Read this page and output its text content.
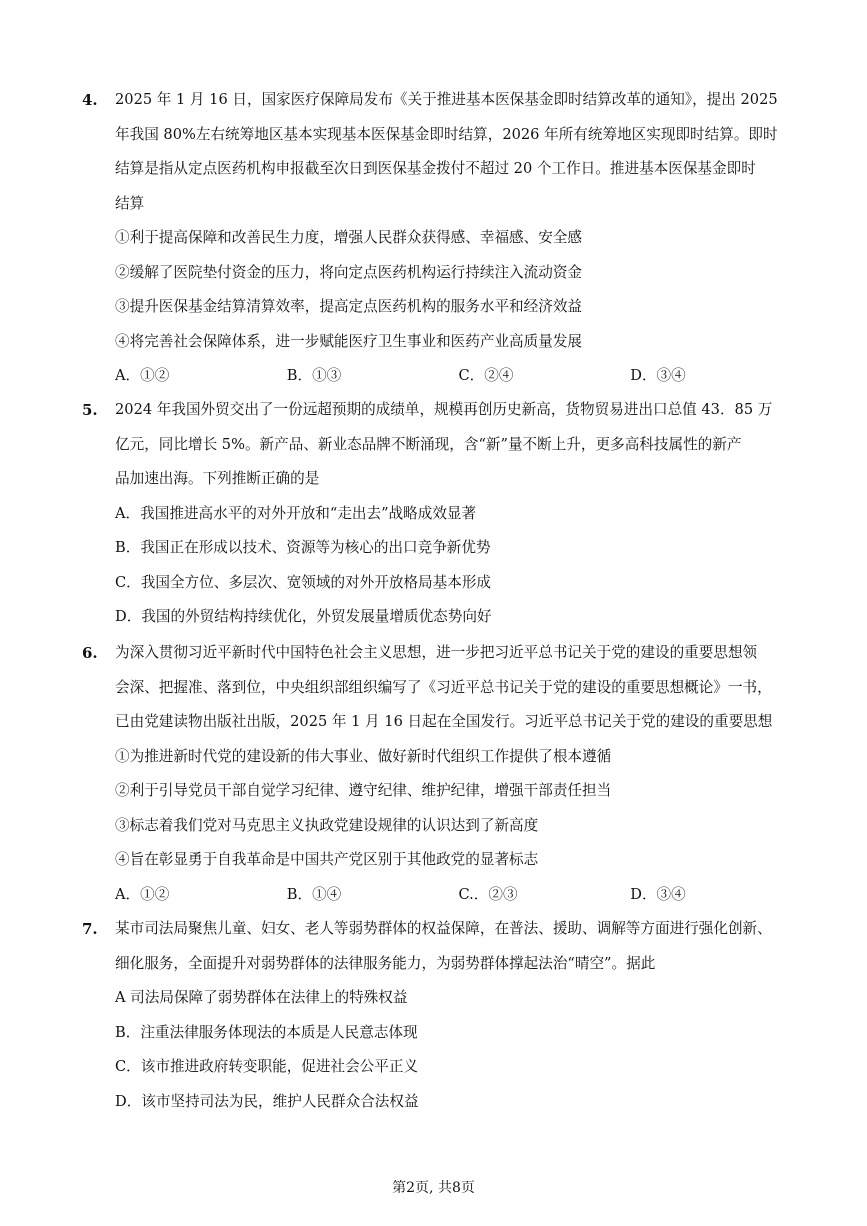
4. 2025 年 1 月 16 日，国家医疗保障局发布《关于推进基本医保基金即时结算改革的通知》，提出 2025
年我国 80%左右统筹地区基本实现基本医保基金即时结算，2026 年所有统筹地区实现即时结算。即时
结算是指从定点医药机构申报截至次日到医保基金拨付不超过 20 个工作日。推进基本医保基金即时
结算
①利于提高保障和改善民生力度，增强人民群众获得感、幸福感、安全感
②缓解了医院垫付资金的压力，将向定点医药机构运行持续注入流动资金
③提升医保基金结算清算效率，提高定点医药机构的服务水平和经济效益
④将完善社会保障体系，进一步赋能医疗卫生事业和医药产业高质量发展
A．①②	B．①③	C．②④	D．③④
5. 2024 年我国外贸交出了一份远超预期的成绩单，规模再创历史新高，货物贸易进出口总值 43．85 万
亿元，同比增长 5%。新产品、新业态品牌不断涌现，含“新”量不断上升，更多高科技属性的新产
品加速出海。下列推断正确的是
A．我国推进高水平的对外开放和“走出去”战略成效显著
B．我国正在形成以技术、资源等为核心的出口竞争新优势
C．我国全方位、多层次、宽领域的对外开放格局基本形成
D．我国的外贸结构持续优化，外贸发展量增质优态势向好
6. 为深入贯彻习近平新时代中国特色社会主义思想，进一步把习近平总书记关于党的建设的重要思想领
会深、把握准、落到位，中央组织部组织编写了《习近平总书记关于党的建设的重要思想概论》一书，
已由党建读物出版社出版，2025 年 1 月 16 日起在全国发行。习近平总书记关于党的建设的重要思想
①为推进新时代党的建设新的伟大事业、做好新时代组织工作提供了根本遵循
②利于引导党员干部自觉学习纪律、遵守纪律、维护纪律，增强干部责任担当
③标志着我们党对马克思主义执政党建设规律的认识达到了新高度
④旨在彰显勇于自我革命是中国共产党区别于其他政党的显著标志
A．①②	B．①④	C.．②③	D．③④
7. 某市司法局聚焦儿童、妇女、老人等弱势群体的权益保障，在普法、援助、调解等方面进行强化创新、
细化服务，全面提升对弱势群体的法律服务能力，为弱势群体撑起法治“晴空”。据此
A 司法局保障了弱势群体在法律上的特殊权益
B．注重法律服务体现法的本质是人民意志体现
C．该市推进政府转变职能，促进社会公平正义
D．该市坚持司法为民，维护人民群众合法权益
第2页, 共8页
